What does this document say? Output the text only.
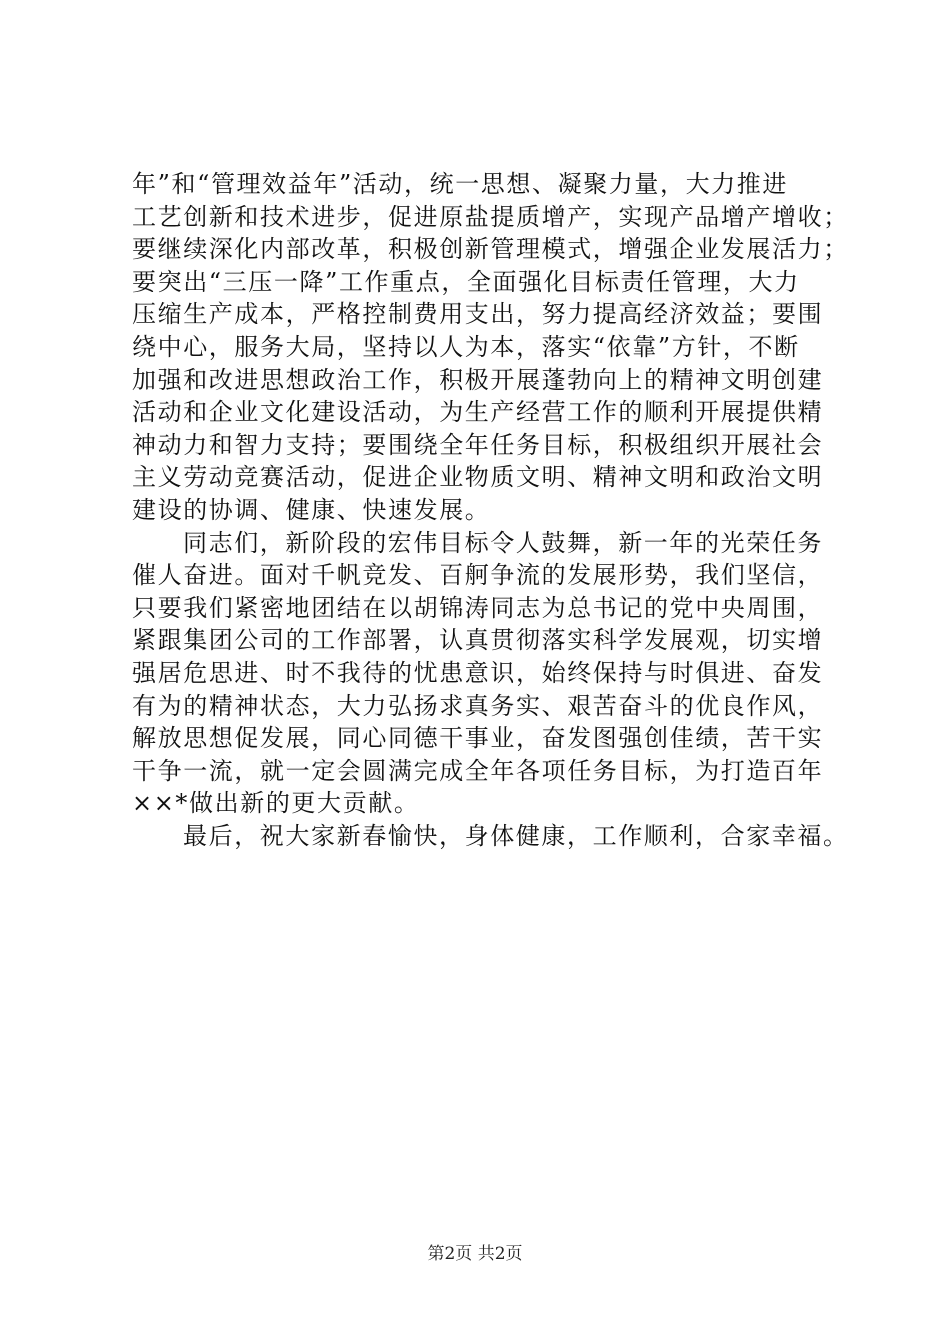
年”和“管理效益年”活动，统一思想、凝聚力量，大力推进
工艺创新和技术进步，促进原盐提质增产，实现产品增产增收；
要继续深化内部改革，积极创新管理模式，增强企业发展活力；
要突出“三压一降”工作重点，全面强化目标责任管理，大力
压缩生产成本，严格控制费用支出，努力提高经济效益；要围
绕中心，服务大局，坚持以人为本，落实“依靠”方针，不断
加强和改进思想政治工作，积极开展蓬勃向上的精神文明创建
活动和企业文化建设活动，为生产经营工作的顺利开展提供精
神动力和智力支持；要围绕全年任务目标，积极组织开展社会
主义劳动竞赛活动，促进企业物质文明、精神文明和政治文明
建设的协调、健康、快速发展。
同志们，新阶段的宏伟目标令人鼓舞，新一年的光荣任务
催人奋进。面对千帆竞发、百舸争流的发展形势，我们坚信，
只要我们紧密地团结在以胡锦涛同志为总书记的党中央周围，
紧跟集团公司的工作部署，认真贯彻落实科学发展观，切实增
强居危思进、时不我待的忧患意识，始终保持与时俱进、奋发
有为的精神状态，大力弘扬求真务实、艰苦奋斗的优良作风，
解放思想促发展，同心同德干事业，奋发图强创佳绩，苦干实
干争一流，就一定会圆满完成全年各项任务目标，为打造百年
××*做出新的更大贡献。
最后，祝大家新春愉快，身体健康，工作顺利，合家幸福。
第2页 共2页
